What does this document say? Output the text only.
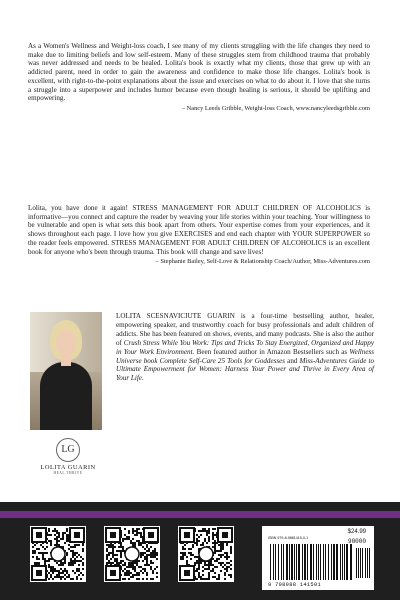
As a Women's Wellness and Weight-loss coach, I see many of my clients struggling with the life changes they need to make due to limiting beliefs and low self-esteem. Many of these struggles stem from childhood trauma that probably was never addressed and needs to be healed. Lolita's book is exactly what my clients, those that grew up with an addicted parent, need in order to gain the awareness and confidence to make those life changes. Lolita's book is excellent, with right-to-the-point explanations about the issue and exercises on what to do about it. I love that she turns a struggle into a superpower and includes humor because even though healing is serious, it should be uplifting and empowering.

– Nancy Leeds Gribble, Weight-loss Coach, www.nancyleedsgribble.com

Lolita, you have done it again! STRESS MANAGEMENT FOR ADULT CHILDREN OF ALCOHOLICS is informative—you connect and capture the reader by weaving your life stories within your teaching. Your willingness to be vulnerable and open is what sets this book apart from others. Your expertise comes from your experiences, and it shows throughout each page. I love how you give EXERCISES and end each chapter with YOUR SUPERPOWER so the reader feels empowered. STRESS MANAGEMENT FOR ADULT CHILDREN OF ALCOHOLICS is an excellent book for anyone who's been through trauma. This book will change and save lives!

– Stephanie Bailey, Self-Love & Relationship Coach/Author, Miss-Adventures.com

LG
LOLITA GUARIN
HEAL THRIVE

LOLITA SCESNAVICIUTE GUARIN is a four-time bestselling author, healer, empowering speaker, and trustworthy coach for busy professionals and adult children of addicts. She has been featured on shows, events, and many podcasts. She is also the author of Crush Stress While You Work: Tips and Tricks To Stay Energized, Organized and Happy in Your Work Environment. Been featured author in Amazon Bestsellers such as Wellness Universe book Complete Self-Care 25 Tools for Goddesses and Miss-Adventures Guide to Ultimate Empowerment for Women: Harness Your Power and Thrive in Every Area of Your Life.

$24.99
ISBN 979-8-9881415-0-1	90000
9 798988 141501
